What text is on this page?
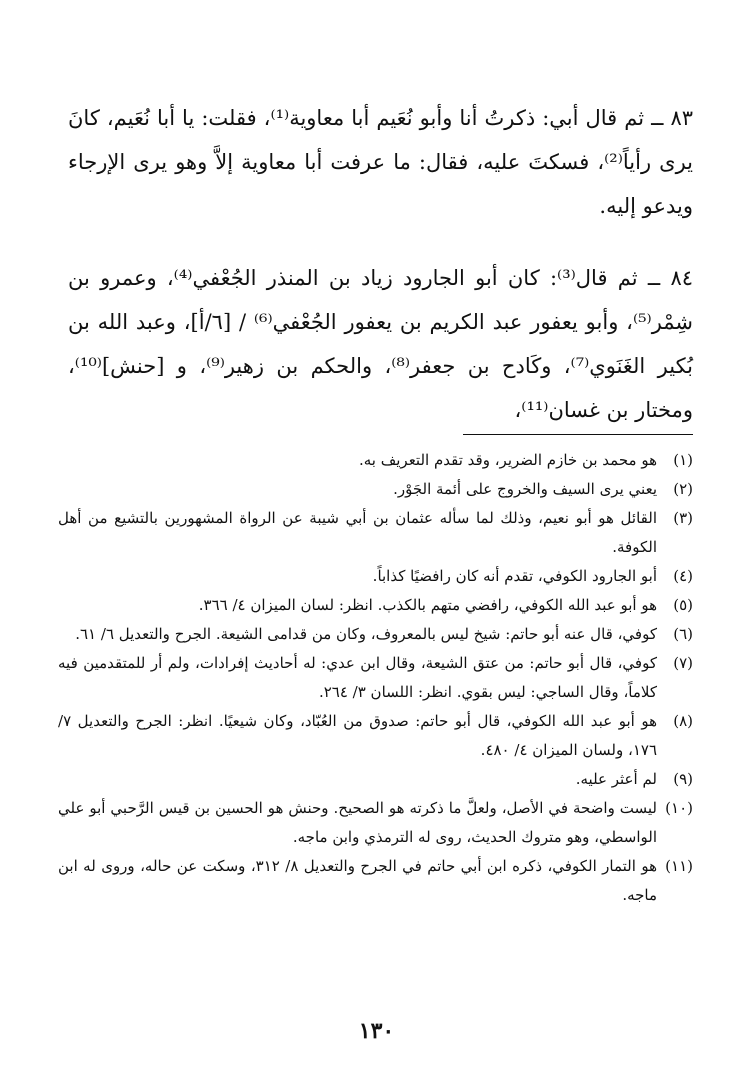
٨٣ ــ ثم قال أبي: ذكرتُ أنا وأبو نُعَيم أبا معاوية⁽¹⁾، فقلت: يا أبا نُعَيم، كانَ يرى رأياً⁽²⁾، فسكتَ عليه، فقال: ما عرفت أبا معاوية إلاَّ وهو يرى الإرجاء ويدعو إليه.

٨٤ ــ ثم قال⁽³⁾: كان أبو الجارود زياد بن المنذر الجُعْفي⁽⁴⁾، وعمرو بن شِمْر⁽⁵⁾، وأبو يعفور عبد الكريم بن يعفور الجُعْفي⁽⁶⁾ / [٦/أ]، وعبد الله بن بُكير الغَنَوي⁽⁷⁾، وكَادح بن جعفر⁽⁸⁾، والحكم بن زهير⁽⁹⁾، و [حنش]⁽¹⁰⁾، ومختار بن غسان⁽¹¹⁾،

(١)
هو محمد بن خازم الضرير، وقد تقدم التعريف به.
(٢)
يعني يرى السيف والخروج على أئمة الجَوْر.
(٣)
القائل هو أبو نعيم، وذلك لما سأله عثمان بن أبي شيبة عن الرواة المشهورين بالتشيع من أهل الكوفة.
(٤)
أبو الجارود الكوفي، تقدم أنه كان رافضيًا كذاباً.
(٥)
هو أبو عبد الله الكوفي، رافضي متهم بالكذب. انظر: لسان الميزان ٤/ ٣٦٦.
(٦)
كوفي، قال عنه أبو حاتم: شيخ ليس بالمعروف، وكان من قدامى الشيعة. الجرح والتعديل ٦/ ٦١.
(٧)
كوفي، قال أبو حاتم: من عتق الشيعة، وقال ابن عدي: له أحاديث إفرادات، ولم أر للمتقدمين فيه كلاماً، وقال الساجي: ليس بقوي. انظر: اللسان ٣/ ٢٦٤.
(٨)
هو أبو عبد الله الكوفي، قال أبو حاتم: صدوق من العُبّاد، وكان شيعيًا. انظر: الجرح والتعديل ٧/ ١٧٦، ولسان الميزان ٤/ ٤٨٠.
(٩)
لم أعثر عليه.
(١٠)
ليست واضحة في الأصل، ولعلَّ ما ذكرته هو الصحيح. وحنش هو الحسين بن قيس الرَّحبي أبو علي الواسطي، وهو متروك الحديث، روى له الترمذي وابن ماجه.
(١١)
هو التمار الكوفي، ذكره ابن أبي حاتم في الجرح والتعديل ٨/ ٣١٢، وسكت عن حاله، وروى له ابن ماجه.
١٣٠
